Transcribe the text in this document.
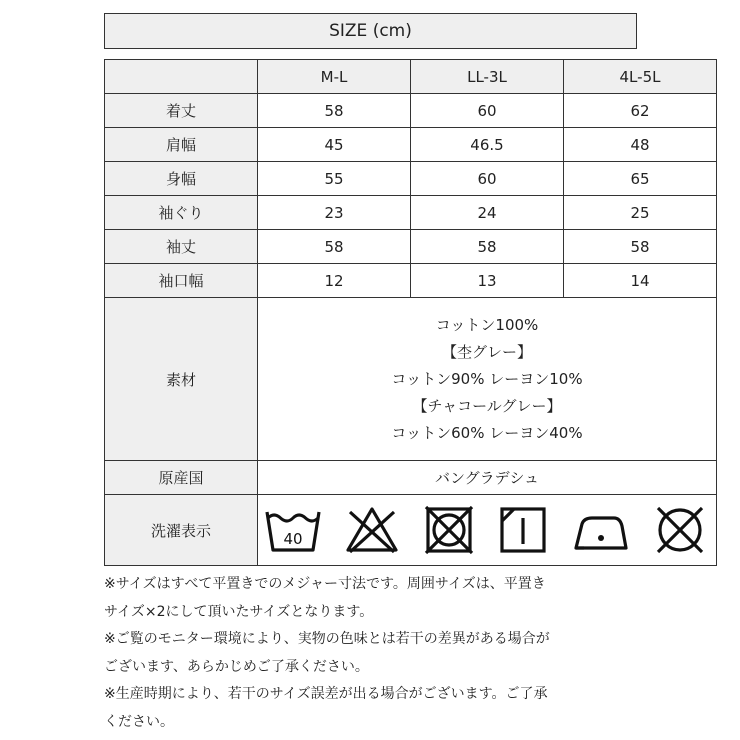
SIZE (cm)
	M-L	LL-3L	4L-5L
着丈	58	60	62
肩幅	45	46.5	48
身幅	55	60	65
袖ぐり	23	24	25
袖丈	58	58	58
袖口幅	12	13	14
素材	コットン100%
【杢グレー】
コットン90% レーヨン10%
【チャコールグレー】
コットン60% レーヨン40%		

原産国	バングラデシュ		
洗濯表示	40		

※サイズはすべて平置きでのメジャー寸法です。周囲サイズは、平置き

サイズ×2にして頂いたサイズとなります。

※ご覧のモニター環境により、実物の色味とは若干の差異がある場合が

ございます、あらかじめご了承ください。

※生産時期により、若干のサイズ誤差が出る場合がございます。ご了承

ください。
